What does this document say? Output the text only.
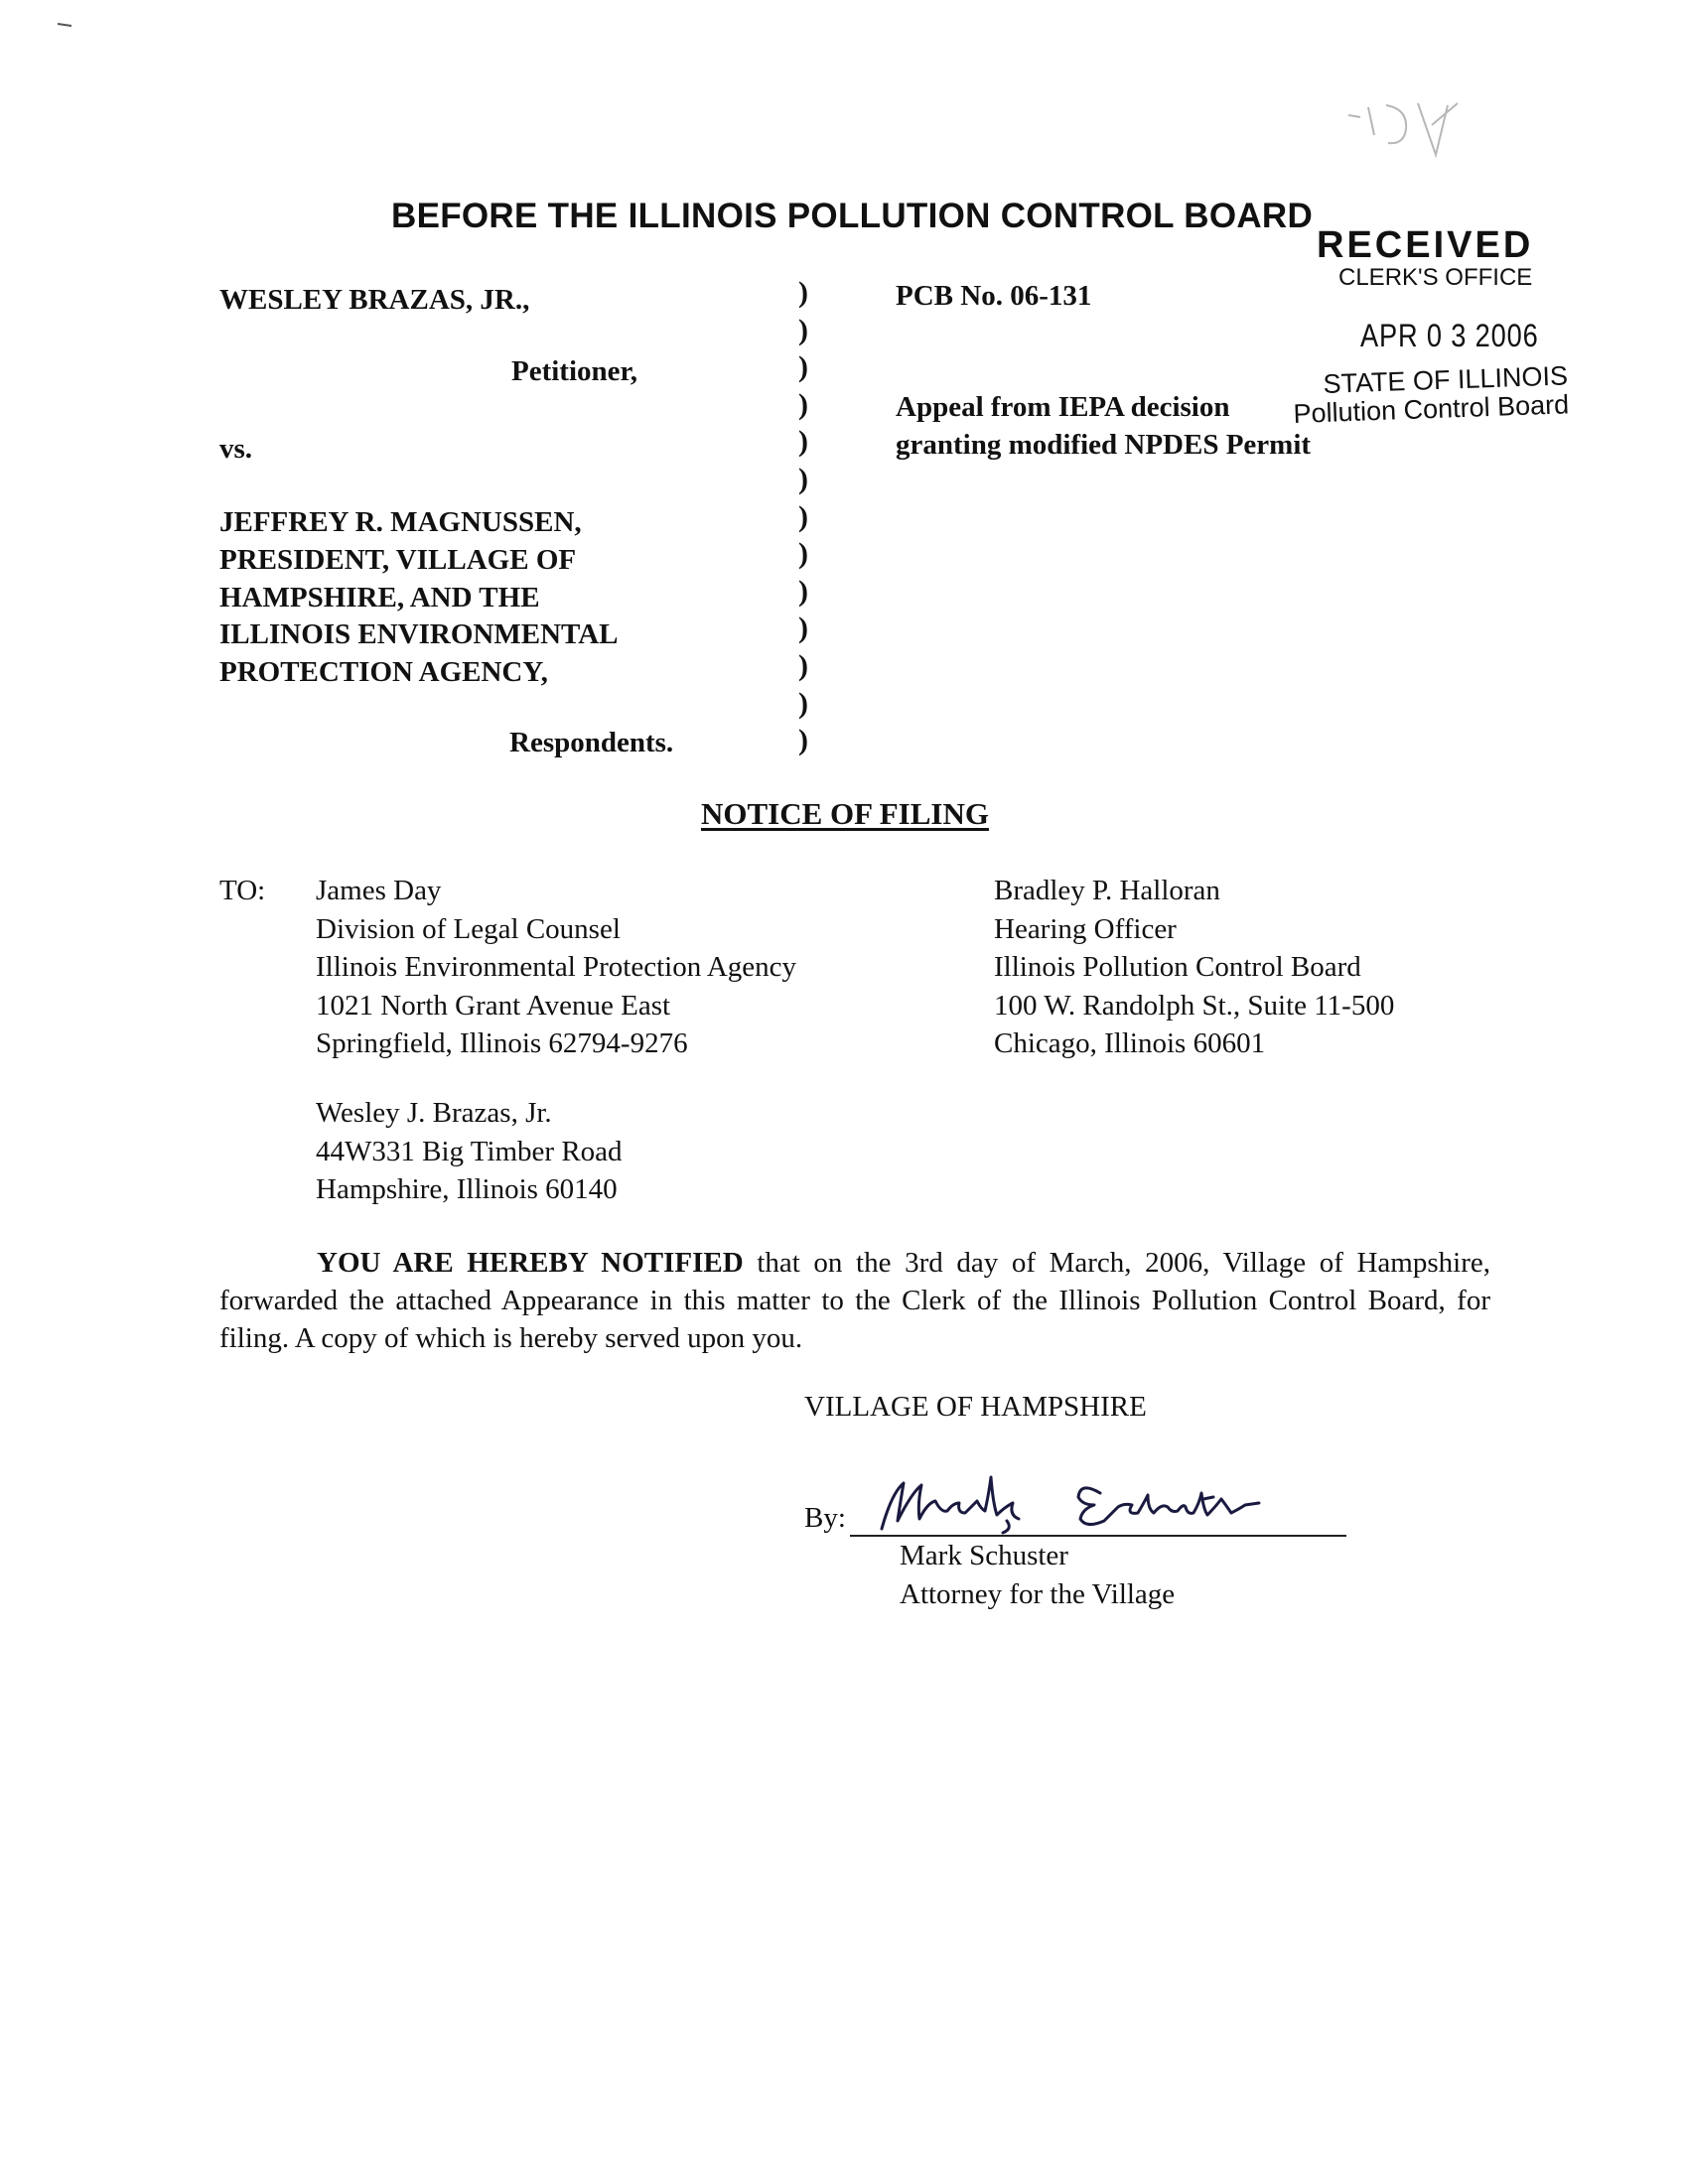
BEFORE THE ILLINOIS POLLUTION CONTROL BOARD
RECEIVED
CLERK'S OFFICE
APR 0 3 2006
STATE OF ILLINOIS
Pollution Control Board
WESLEY BRAZAS, JR.,
Petitioner,
vs.
JEFFREY R. MAGNUSSEN,
PRESIDENT, VILLAGE OF
HAMPSHIRE, AND THE
ILLINOIS ENVIRONMENTAL
PROTECTION AGENCY,
Respondents.
)
)
)
)
)
)
)
)
)
)
)
)
)
PCB No. 06-131
Appeal from IEPA decision
granting modified NPDES Permit
NOTICE OF FILING
TO: James Day
Division of Legal Counsel
Illinois Environmental Protection Agency
1021 North Grant Avenue East
Springfield, Illinois 62794-9276
Bradley P. Halloran
Hearing Officer
Illinois Pollution Control Board
100 W. Randolph St., Suite 11-500
Chicago, Illinois 60601
Wesley J. Brazas, Jr.
44W331 Big Timber Road
Hampshire, Illinois 60140
YOU ARE HEREBY NOTIFIED that on the 3rd day of March, 2006, Village of Hampshire, forwarded the attached Appearance in this matter to the Clerk of the Illinois Pollution Control Board, for filing. A copy of which is hereby served upon you.
VILLAGE OF HAMPSHIRE
By:
Mark Schuster
Attorney for the Village
